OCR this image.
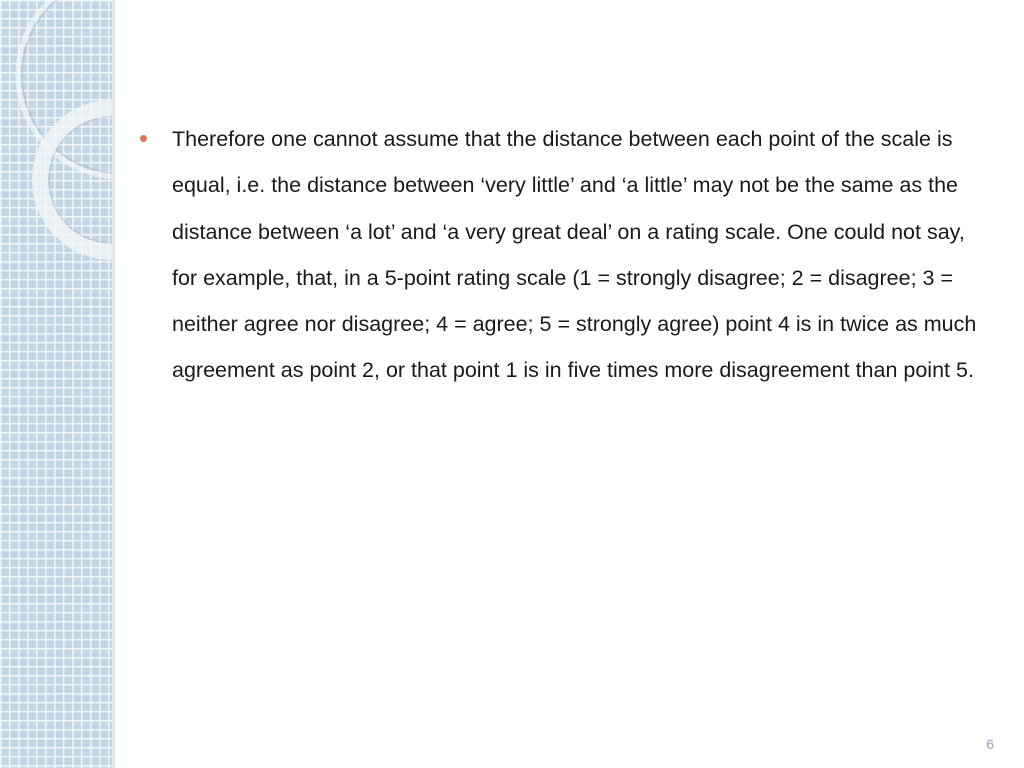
Therefore one cannot assume that the distance between each point of the scale is equal, i.e. the distance between ‘very little’ and ‘a little’ may not be the same as the distance between ‘a lot’ and ‘a very great deal’ on a rating scale. One could not say, for example, that, in a 5-point rating scale (1 = strongly disagree; 2 = disagree; 3 = neither agree nor disagree; 4 = agree; 5 = strongly agree) point 4 is in twice as much agreement as point 2, or that point 1 is in five times more disagreement than point 5.
6
